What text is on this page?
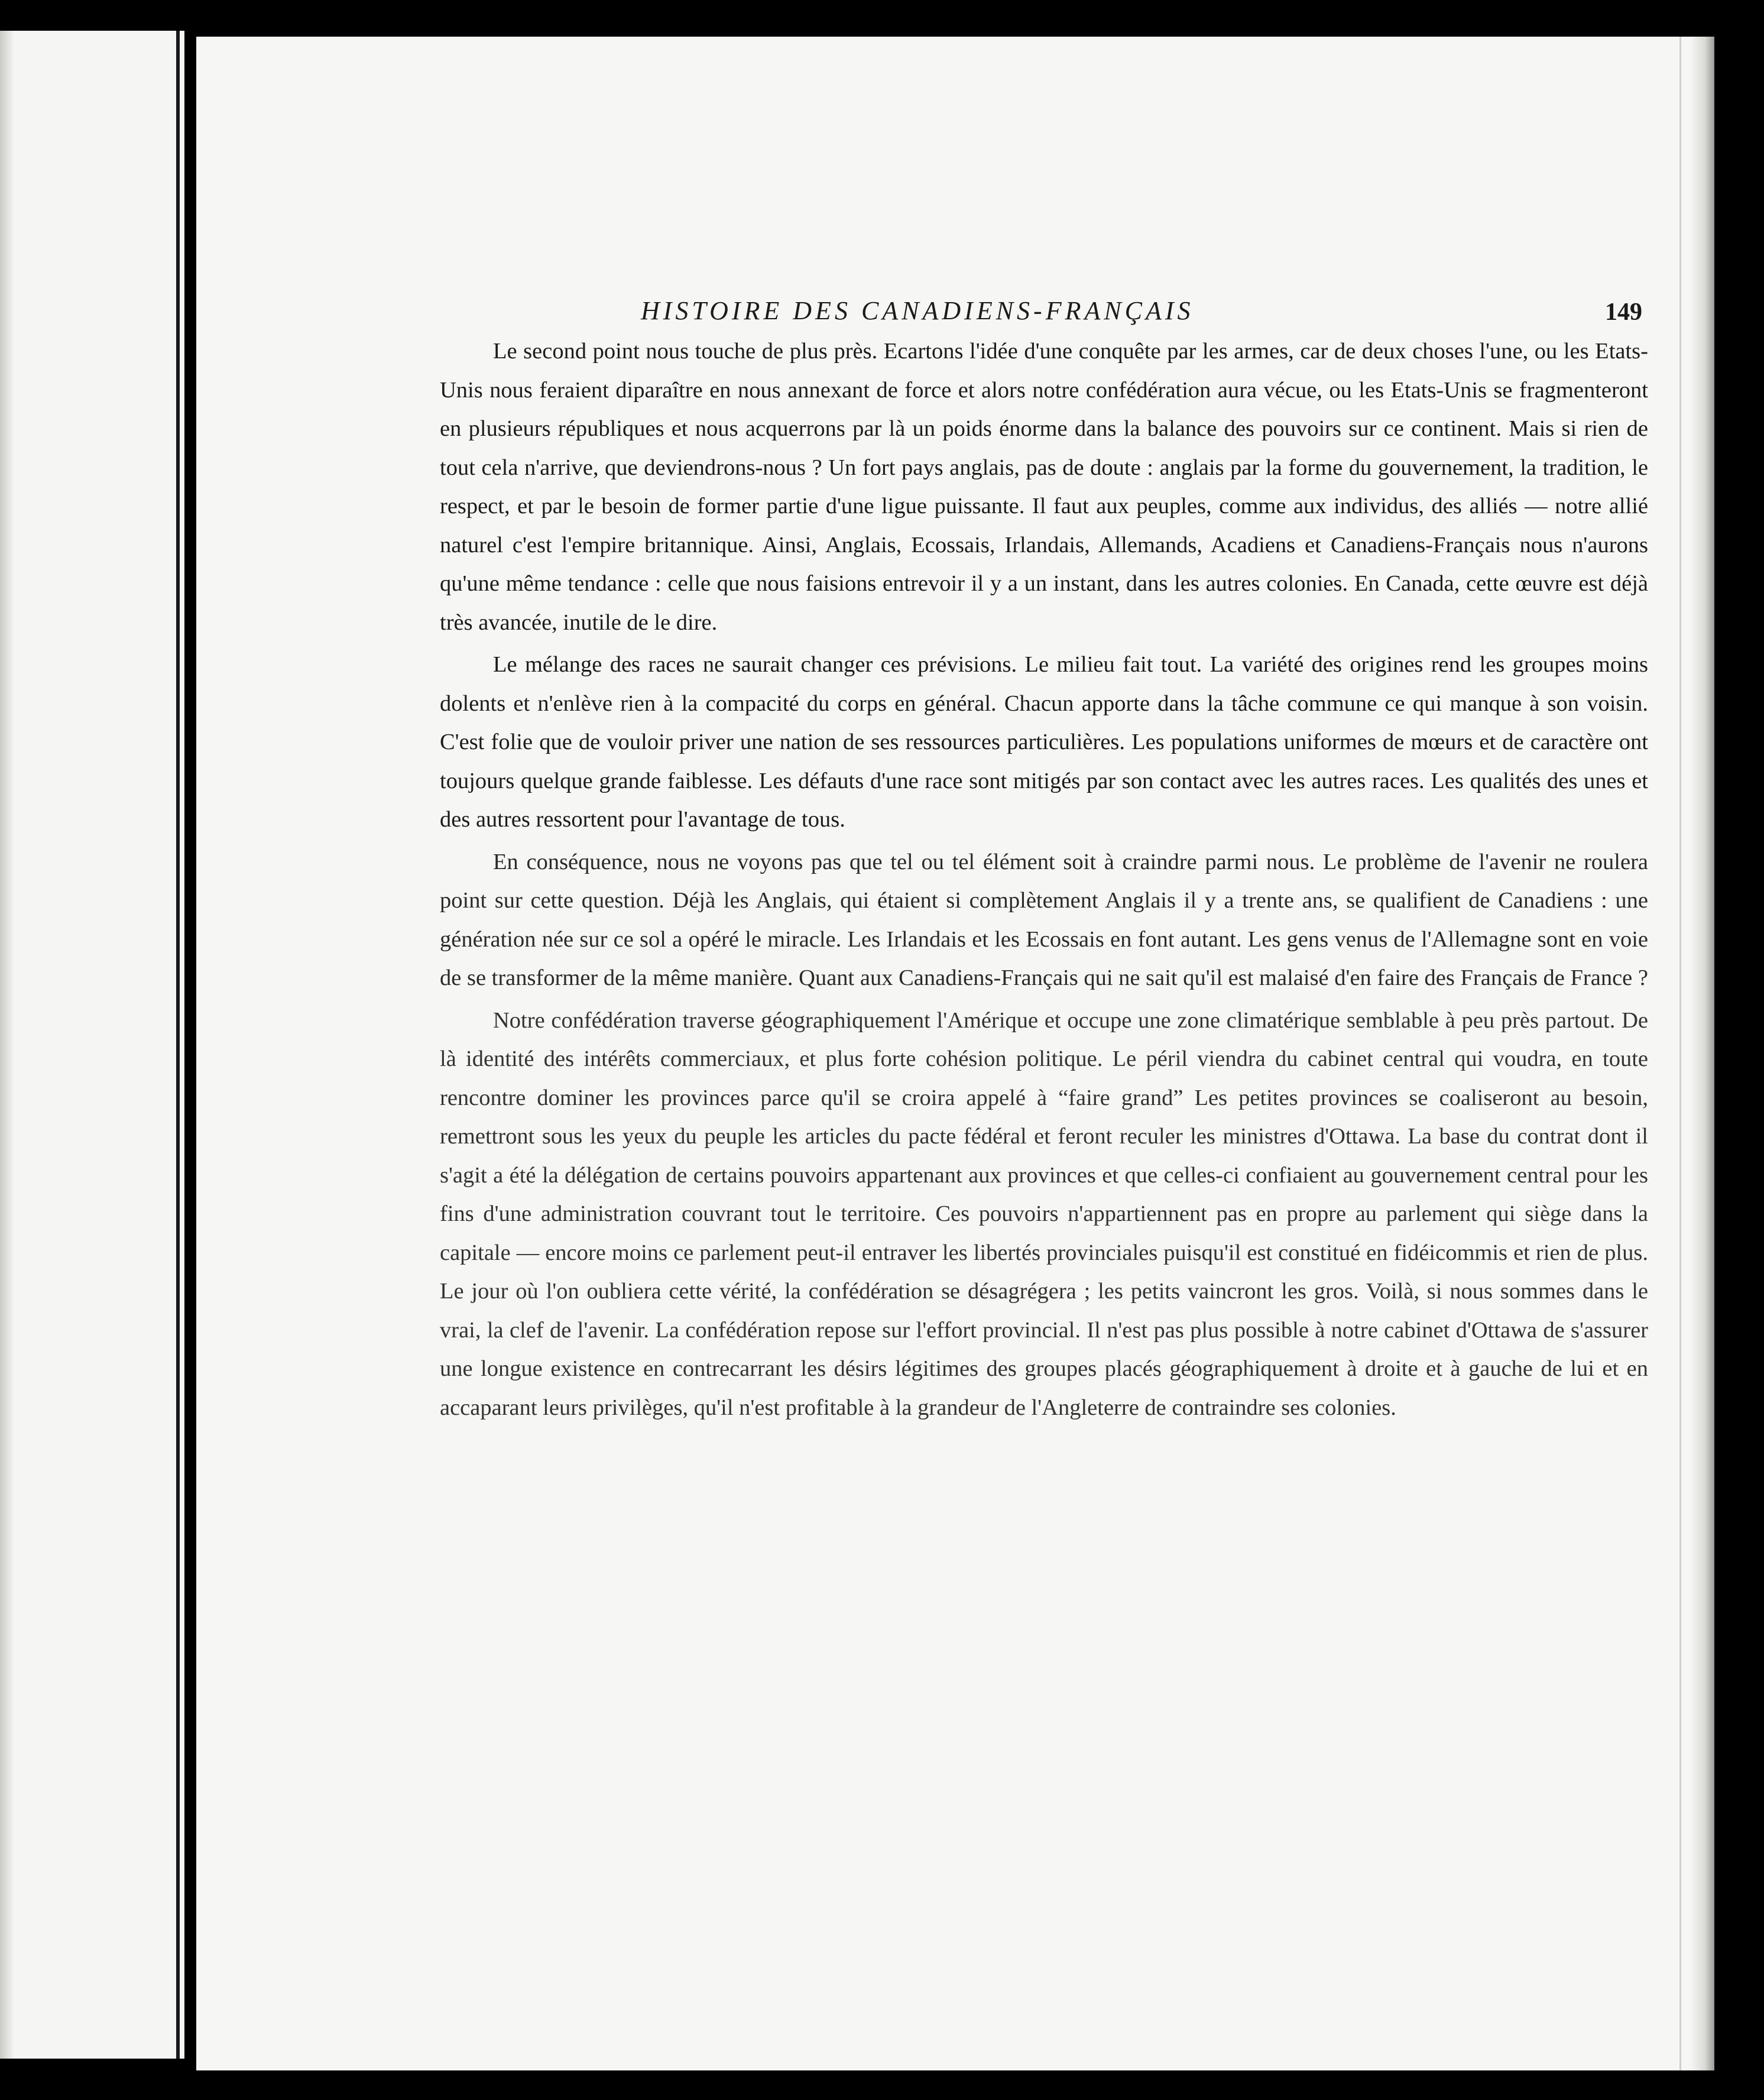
HISTOIRE DES CANADIENS-FRANÇAIS	149

Le second point nous touche de plus près. Ecartons l'idée d'une conquête par les armes, car de deux choses l'une, ou les Etats-Unis nous feraient diparaître en nous annexant de force et alors notre confédération aura vécue, ou les Etats-Unis se fragmenteront en plusieurs républiques et nous acquerrons par là un poids énorme dans la balance des pouvoirs sur ce continent. Mais si rien de tout cela n'arrive, que deviendrons-nous ? Un fort pays anglais, pas de doute : anglais par la forme du gouvernement, la tradition, le respect, et par le besoin de former partie d'une ligue puissante. Il faut aux peuples, comme aux individus, des alliés — notre allié naturel c'est l'empire britannique. Ainsi, Anglais, Ecossais, Irlandais, Allemands, Acadiens et Canadiens-Français nous n'aurons qu'une même tendance : celle que nous faisions entrevoir il y a un instant, dans les autres colonies. En Canada, cette œuvre est déjà très avancée, inutile de le dire.

Le mélange des races ne saurait changer ces prévisions. Le milieu fait tout. La variété des origines rend les groupes moins dolents et n'enlève rien à la compacité du corps en général. Chacun apporte dans la tâche commune ce qui manque à son voisin. C'est folie que de vouloir priver une nation de ses ressources particulières. Les populations uniformes de mœurs et de caractère ont toujours quelque grande faiblesse. Les défauts d'une race sont mitigés par son contact avec les autres races. Les qualités des unes et des autres ressortent pour l'avantage de tous.

En conséquence, nous ne voyons pas que tel ou tel élément soit à craindre parmi nous. Le problème de l'avenir ne roulera point sur cette question. Déjà les Anglais, qui étaient si complètement Anglais il y a trente ans, se qualifient de Canadiens : une génération née sur ce sol a opéré le miracle. Les Irlandais et les Ecossais en font autant. Les gens venus de l'Allemagne sont en voie de se transformer de la même manière. Quant aux Canadiens-Français qui ne sait qu'il est malaisé d'en faire des Français de France ?

Notre confédération traverse géographiquement l'Amérique et occupe une zone climatérique semblable à peu près partout. De là identité des intérêts commerciaux, et plus forte cohésion politique. Le péril viendra du cabinet central qui voudra, en toute rencontre dominer les provinces parce qu'il se croira appelé à “faire grand” Les petites provinces se coaliseront au besoin, remettront sous les yeux du peuple les articles du pacte fédéral et feront reculer les ministres d'Ottawa. La base du contrat dont il s'agit a été la délégation de certains pouvoirs appartenant aux provinces et que celles-ci confiaient au gouvernement central pour les fins d'une administration couvrant tout le territoire. Ces pouvoirs n'appartiennent pas en propre au parlement qui siège dans la capitale — encore moins ce parlement peut-il entraver les libertés provinciales puisqu'il est constitué en fidéicommis et rien de plus. Le jour où l'on oubliera cette vérité, la confédération se désagrégera ; les petits vaincront les gros. Voilà, si nous sommes dans le vrai, la clef de l'avenir. La confédération repose sur l'effort provincial. Il n'est pas plus possible à notre cabinet d'Ottawa de s'assurer une longue existence en contrecarrant les désirs légitimes des groupes placés géographiquement à droite et à gauche de lui et en accaparant leurs privilèges, qu'il n'est profitable à la grandeur de l'Angleterre de contraindre ses colonies.
